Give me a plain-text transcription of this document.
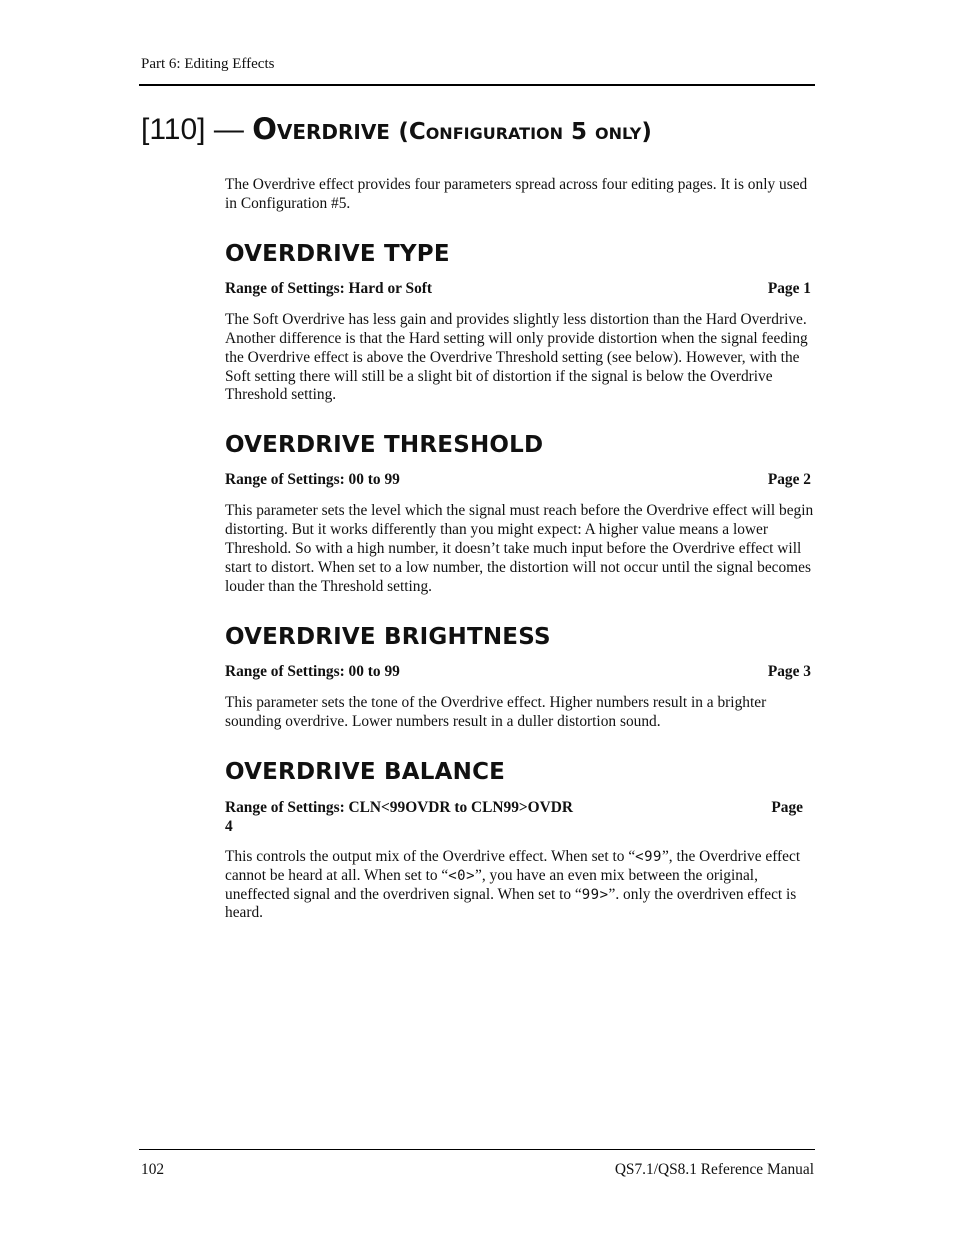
Part 6: Editing Effects
[110] — Overdrive (Configuration 5 only)

The Overdrive effect provides four parameters spread across four editing pages. It is only used in Configuration #5.

OVERDRIVE TYPE
Range of Settings: Hard or Soft	Page 1

The Soft Overdrive has less gain and provides slightly less distortion than the Hard Overdrive. Another difference is that the Hard setting will only provide distortion when the signal feeding the Overdrive effect is above the Overdrive Threshold setting (see below). However, with the Soft setting there will still be a slight bit of distortion if the signal is below the Overdrive Threshold setting.

OVERDRIVE THRESHOLD
Range of Settings: 00 to 99	Page 2

This parameter sets the level which the signal must reach before the Overdrive effect will begin distorting. But it works differently than you might expect: A higher value means a lower Threshold. So with a high number, it doesn’t take much input before the Overdrive effect will start to distort. When set to a low number, the distortion will not occur until the signal becomes louder than the Threshold setting.

OVERDRIVE BRIGHTNESS
Range of Settings: 00 to 99	Page 3

This parameter sets the tone of the Overdrive effect. Higher numbers result in a brighter sounding overdrive. Lower numbers result in a duller distortion sound.

OVERDRIVE BALANCE
Range of Settings: CLN<99OVDR to CLN99>OVDR	Page
4

This controls the output mix of the Overdrive effect. When set to “<99”, the Overdrive effect cannot be heard at all. When set to “<0>”, you have an even mix between the original, uneffected signal and the overdriven signal. When set to “99>”. only the overdriven effect is heard.

102	QS7.1/QS8.1 Reference Manual
